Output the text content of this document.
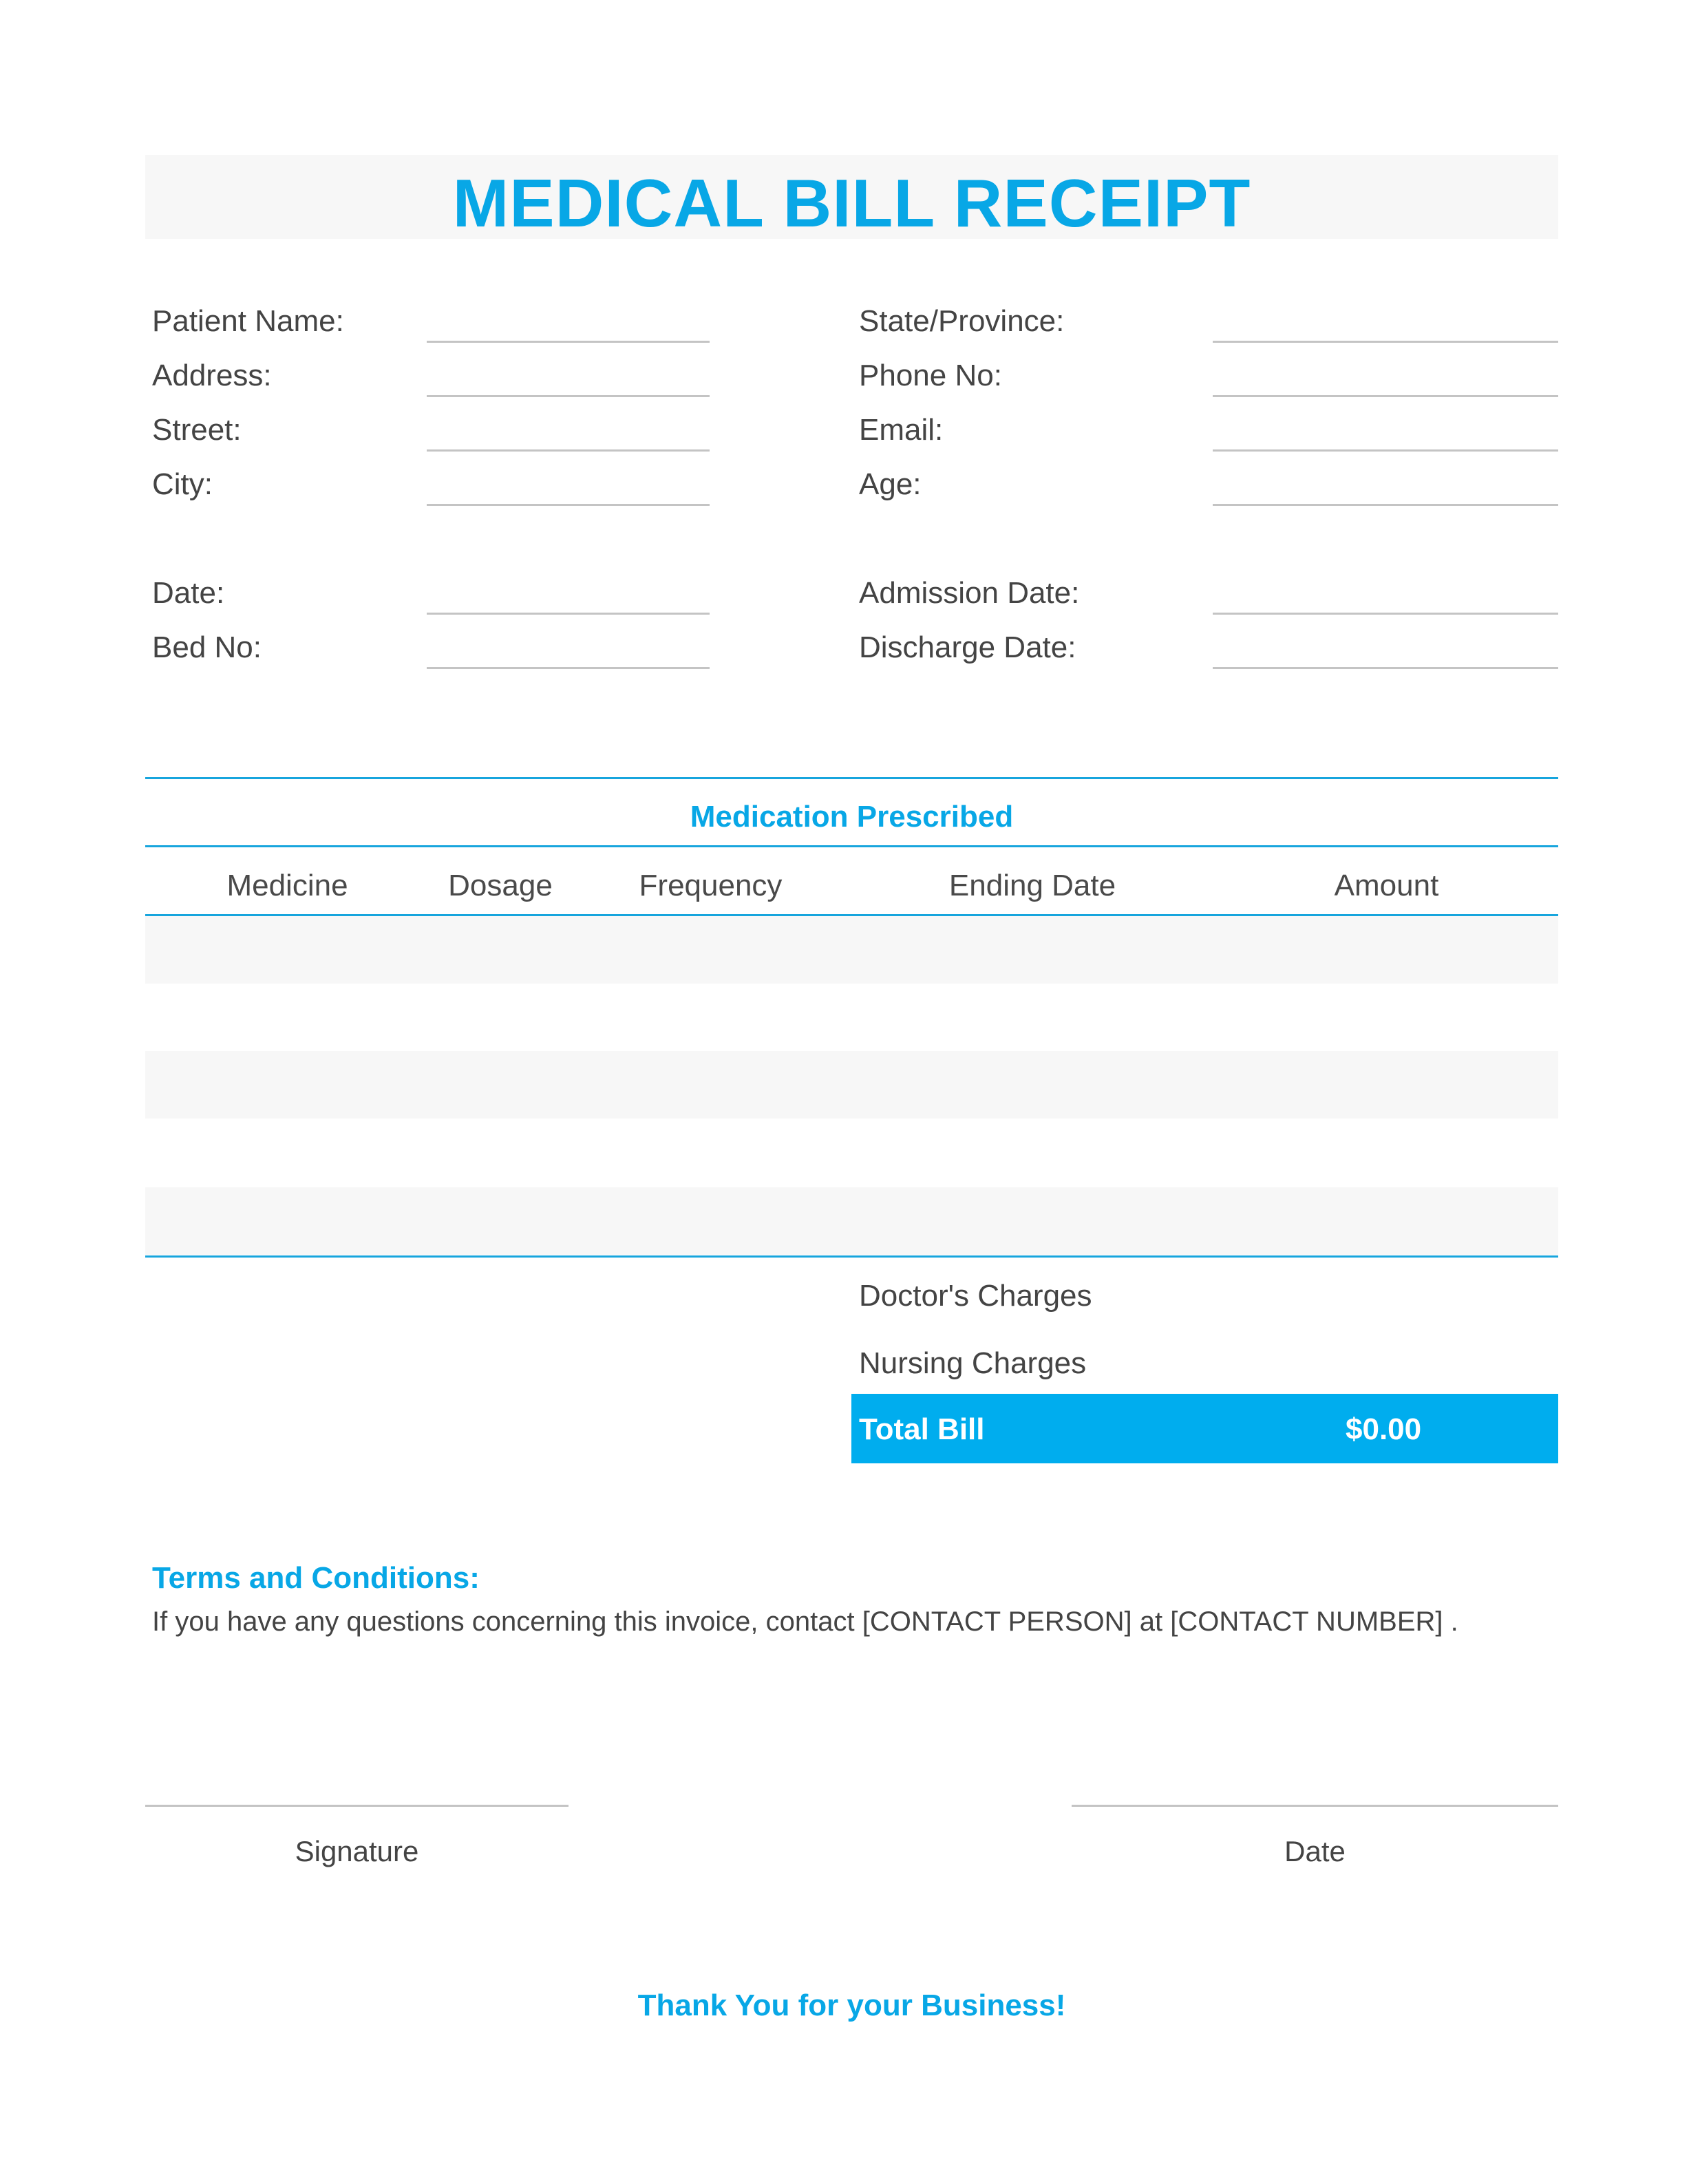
MEDICAL BILL RECEIPT
Patient Name:
Address:
Street:
City:
Date:
Bed No:
State/Province:
Phone No:
Email:
Age:
Admission Date:
Discharge Date:
Medication Prescribed
Medicine	Dosage	Frequency	Ending Date	Amount
Doctor's Charges
Nursing Charges
Total Bill	$0.00
Terms and Conditions:
If you have any questions concerning this invoice, contact [CONTACT PERSON] at [CONTACT NUMBER] .
Signature	Date
Thank You for your Business!
